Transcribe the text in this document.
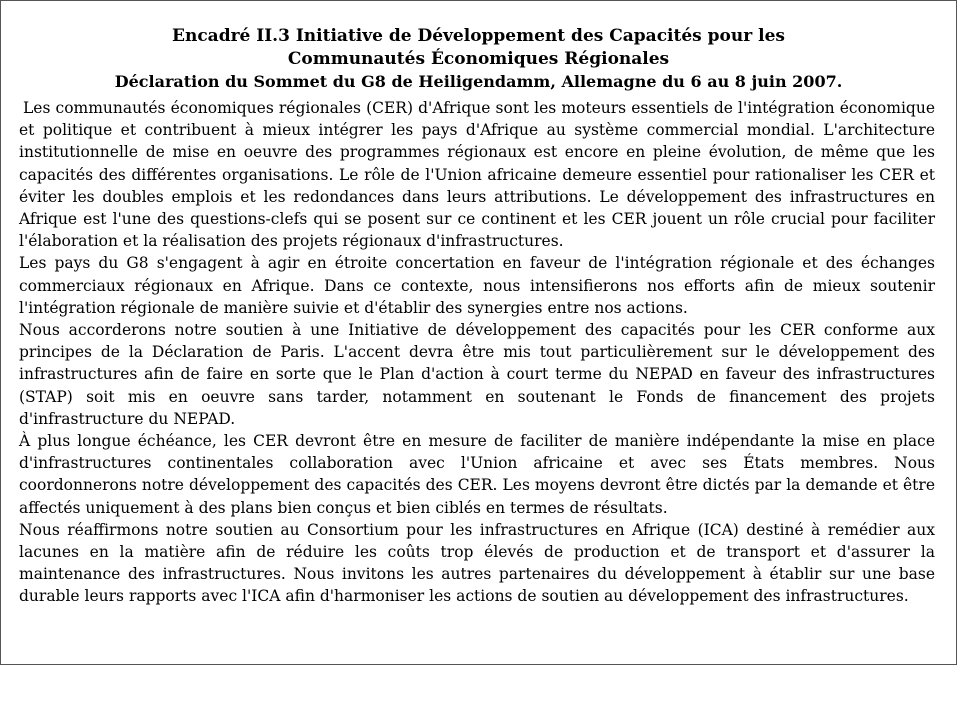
Encadré II.3 Initiative de Développement des Capacités pour les

Communautés Économiques Régionales

Déclaration du Sommet du G8 de Heiligendamm, Allemagne du 6 au 8 juin 2007.

Les communautés économiques régionales (CER) d'Afrique sont les moteurs essentiels de l'intégration économique et politique et contribuent à mieux intégrer les pays d'Afrique au système commercial mondial. L'architecture institutionnelle de mise en oeuvre des programmes régionaux est encore en pleine évolution, de même que les capacités des différentes organisations. Le rôle de l'Union africaine demeure essentiel pour rationaliser les CER et éviter les doubles emplois et les redondances dans leurs attributions. Le développement des infrastructures en Afrique est l'une des questions-clefs qui se posent sur ce continent et les CER jouent un rôle crucial pour faciliter l'élaboration et la réalisation des projets régionaux d'infrastructures.

Les pays du G8 s'engagent à agir en étroite concertation en faveur de l'intégration régionale et des échanges commerciaux régionaux en Afrique. Dans ce contexte, nous intensifierons nos efforts afin de mieux soutenir l'intégration régionale de manière suivie et d'établir des synergies entre nos actions.

Nous accorderons notre soutien à une Initiative de développement des capacités pour les CER conforme aux principes de la Déclaration de Paris. L'accent devra être mis tout particulièrement sur le développement des infrastructures afin de faire en sorte que le Plan d'action à court terme du NEPAD en faveur des infrastructures (STAP) soit mis en oeuvre sans tarder, notamment en soutenant le Fonds de financement des projets d'infrastructure du NEPAD.

À plus longue échéance, les CER devront être en mesure de faciliter de manière indépendante la mise en place d'infrastructures continentales collaboration avec l'Union africaine et avec ses États membres. Nous coordonnerons notre développement des capacités des CER. Les moyens devront être dictés par la demande et être affectés uniquement à des plans bien conçus et bien ciblés en termes de résultats.

Nous réaffirmons notre soutien au Consortium pour les infrastructures en Afrique (ICA) destiné à remédier aux lacunes en la matière afin de réduire les coûts trop élevés de production et de transport et d'assurer la maintenance des infrastructures. Nous invitons les autres partenaires du développement à établir sur une base durable leurs rapports avec l'ICA afin d'harmoniser les actions de soutien au développement des infrastructures.
